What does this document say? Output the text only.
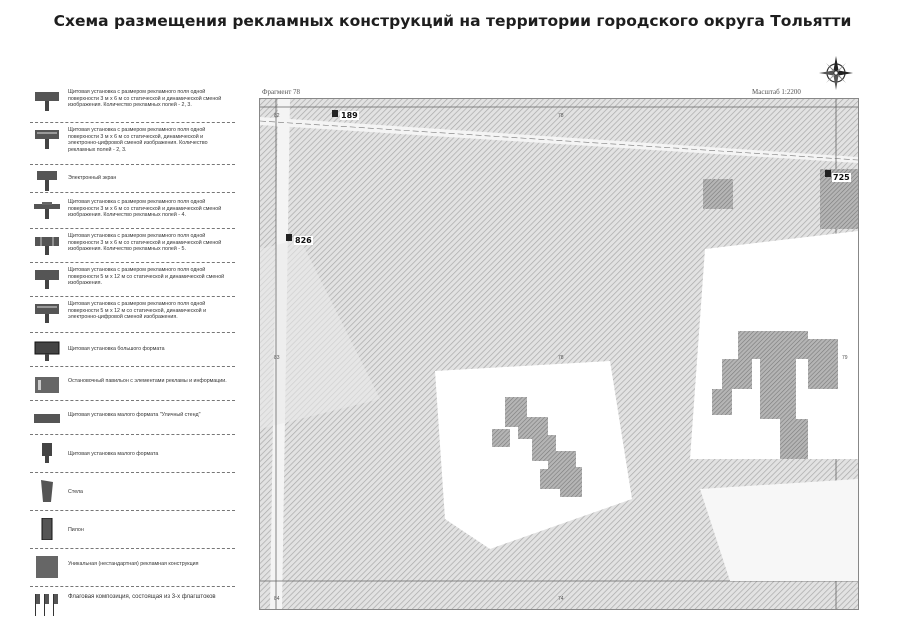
Схема размещения рекламных конструкций на территории городского округа Тольятти
Щитовая установка с размером рекламного поля одной поверхности 3 м х 6 м со статической и динамической сменой изображения. Количество рекламных полей - 2, 3.
Щитовая установка с размером рекламного поля одной поверхности 3 м х 6 м со статической, динамической и электронно-цифровой сменой изображения. Количество рекламных полей - 2, 3.
Электронный экран
Щитовая установка с размером рекламного поля одной поверхности 3 м х 6 м со статической и динамической сменой изображения. Количество рекламных полей - 4.
Щитовая установка с размером рекламного поля одной поверхности 3 м х 6 м со статической и динамической сменой изображения. Количество рекламных полей - 5.
Щитовая установка с размером рекламного поля одной поверхности 5 м х 12 м со статической и динамической сменой изображения.
Щитовая установка с размером рекламного поля одной поверхности 5 м х 12 м со статической, динамической и электронно-цифровой сменой изображения.
Щитовая установка большого формата
Остановочный павильон с элементами рекламы и информации.
Щитовая установка малого формата "Уличный стенд"
Щитовая установка малого формата
Стела
Пилон
Уникальная (нестандартная) рекламная конструкция
Флаговая композиция, состоящая из 3-х флагштоков
Фрагмент 78	Масштаб 1:2200
189
725
826
82	78
83	78
84
79
74
